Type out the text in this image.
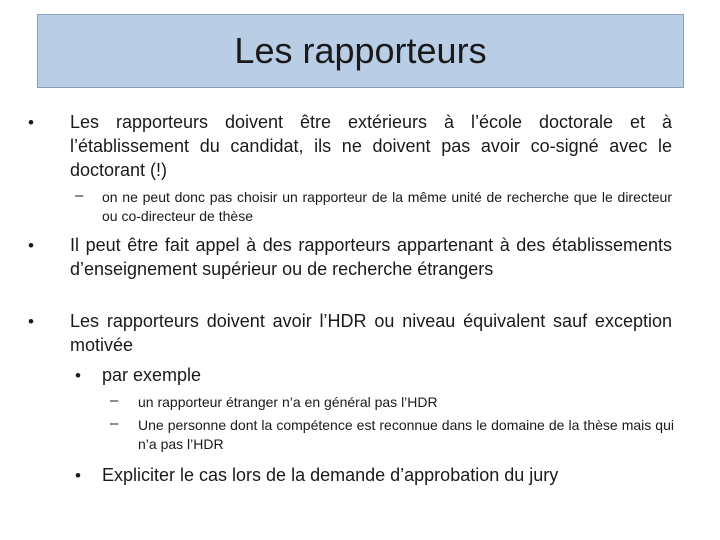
Les rapporteurs
• Les rapporteurs doivent être extérieurs à l’école doctorale et à l’établissement du candidat, ils ne doivent pas avoir co-signé avec le doctorant (!)
– on ne peut donc pas choisir un rapporteur de la même unité de recherche que le directeur ou co-directeur de thèse
• Il peut être fait appel à des rapporteurs appartenant à des établissements d’enseignement supérieur ou de recherche étrangers
• Les rapporteurs doivent avoir l’HDR ou niveau équivalent sauf exception motivée
• par exemple
– un rapporteur étranger n’a en général pas l’HDR
– Une personne dont la compétence est reconnue dans le domaine de la thèse mais qui n’a pas l’HDR
• Expliciter le cas lors de la demande d’approbation du jury
